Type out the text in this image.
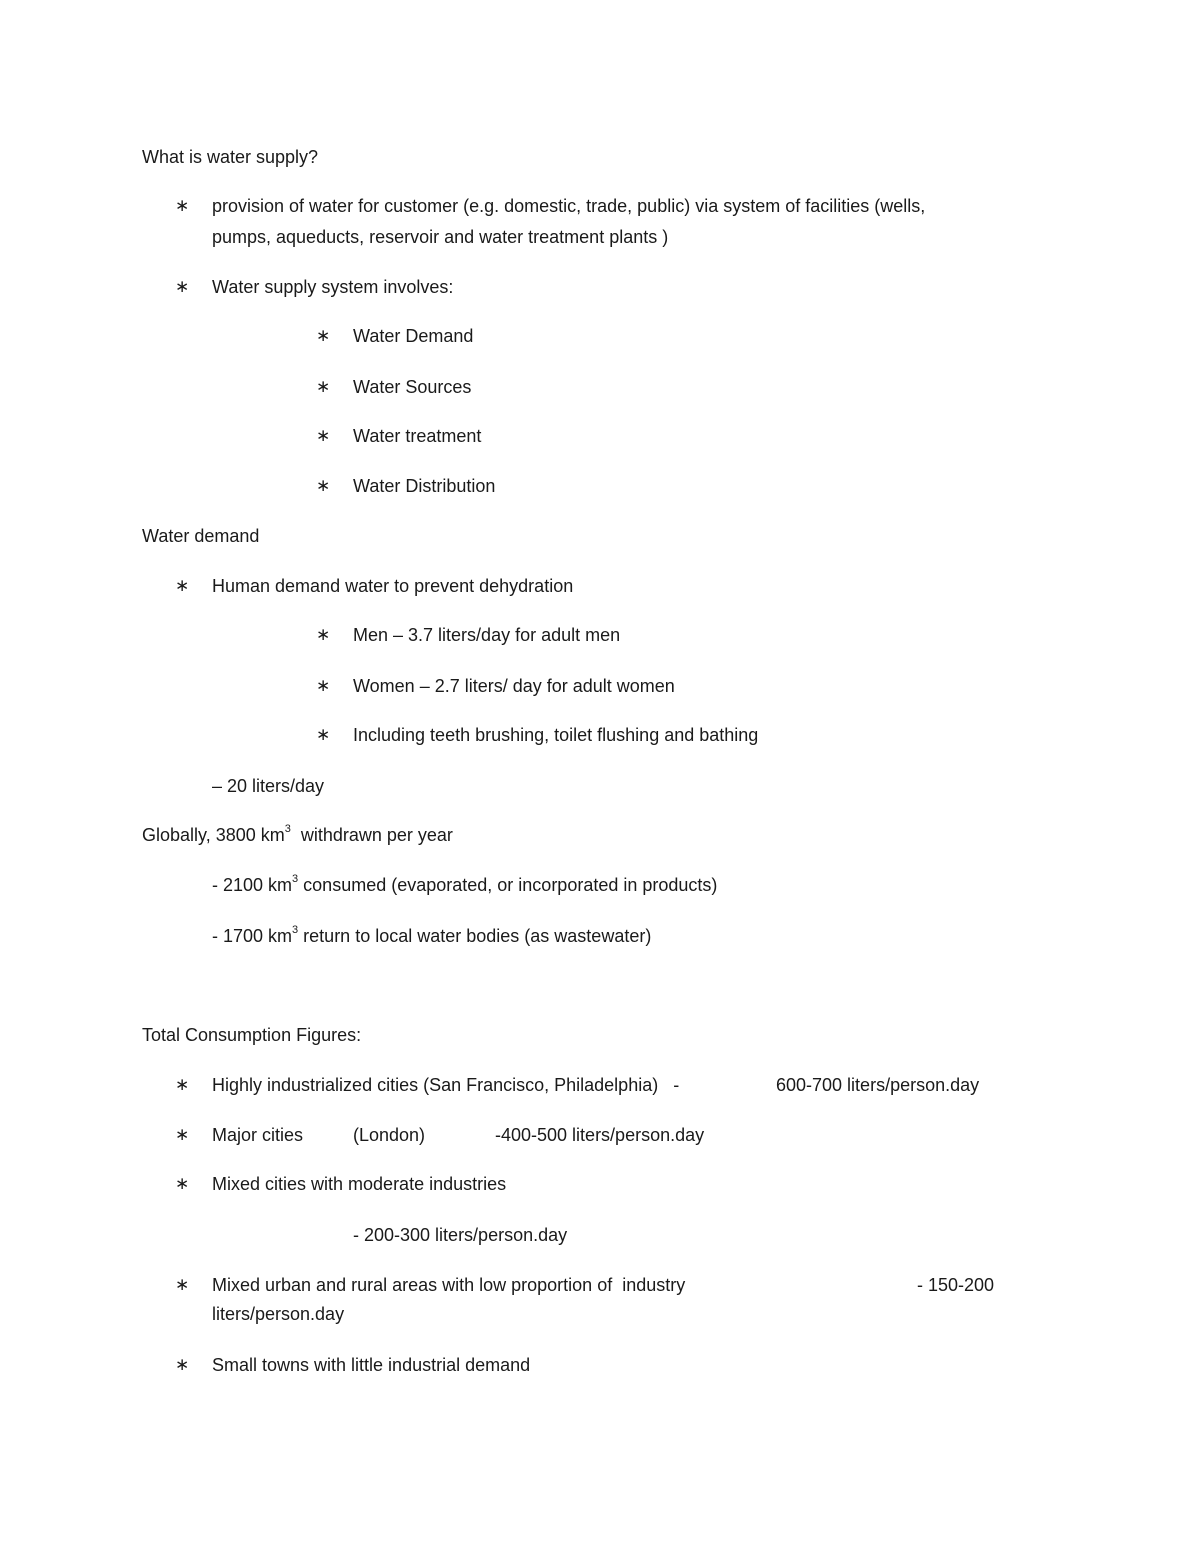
What is water supply?
∗ provision of water for customer (e.g. domestic, trade, public) via system of facilities (wells,
pumps, aqueducts, reservoir and water treatment plants )
∗ Water supply system involves:
∗ Water Demand
∗ Water Sources
∗ Water treatment
∗ Water Distribution
Water demand
∗ Human demand water to prevent dehydration
∗ Men – 3.7 liters/day for adult men
∗ Women – 2.7 liters/ day for adult women
∗ Including teeth brushing, toilet flushing and bathing
– 20 liters/day
Globally, 3800 $km^3$  withdrawn per year
- 2100 $km^3$ consumed (evaporated, or incorporated in products)
- 1700 $km^3$ return to local water bodies (as wastewater)
Total Consumption Figures:
∗ Highly industrialized cities (San Francisco, Philadelphia)   -	600-700 liters/person.day
∗ Major cities	(London)	-400-500 liters/person.day
∗ Mixed cities with moderate industries
- 200-300 liters/person.day
∗ Mixed urban and rural areas with low proportion of  industry	- 150-200
liters/person.day
∗ Small towns with little industrial demand
